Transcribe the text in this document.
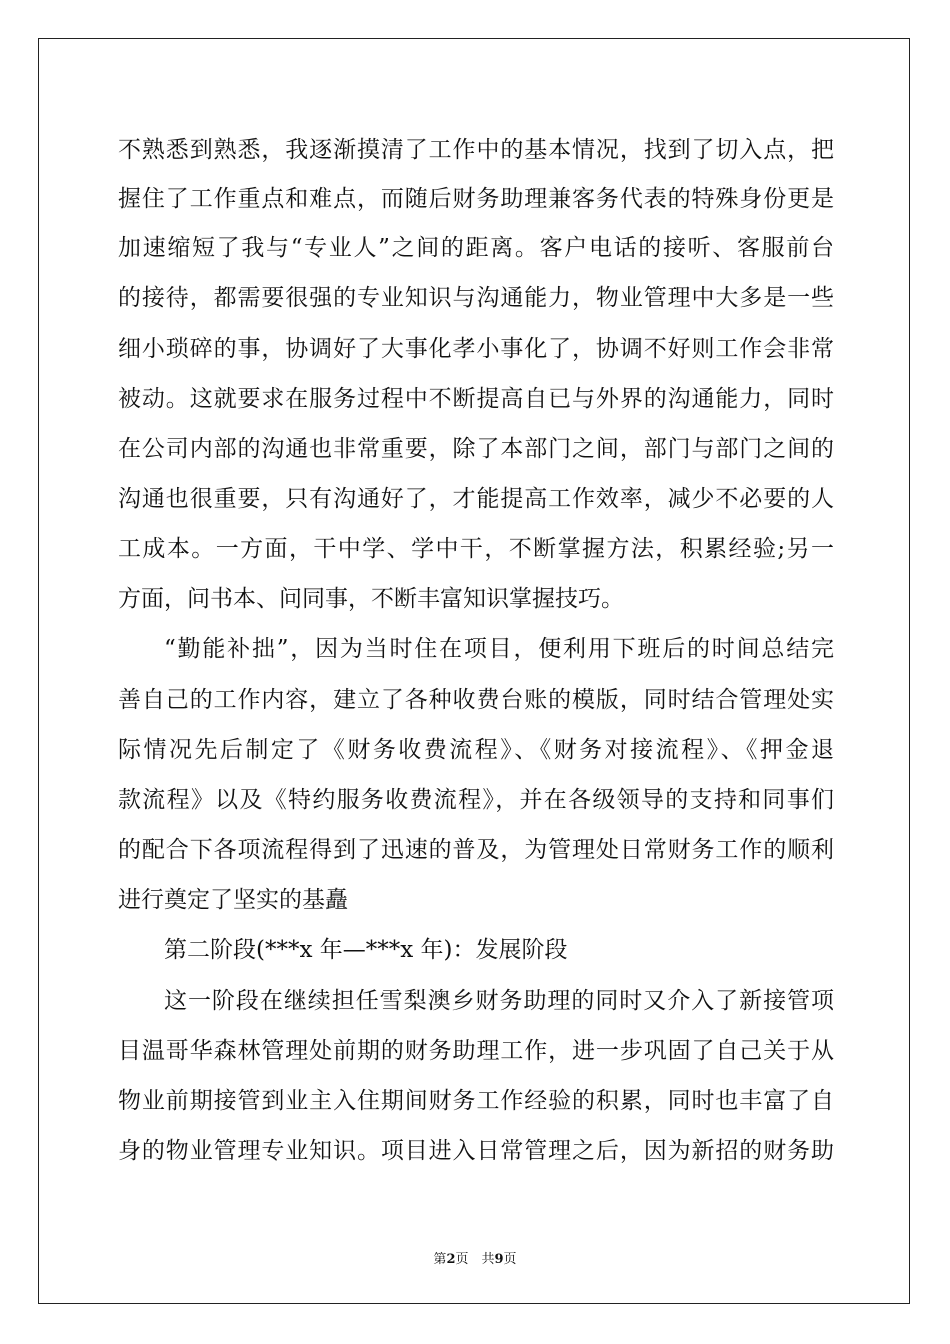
不熟悉到熟悉，我逐渐摸清了工作中的基本情况，找到了切入点，把
握住了工作重点和难点，而随后财务助理兼客务代表的特殊身份更是
加速缩短了我与“专业人”之间的距离。客户电话的接听、客服前台
的接待，都需要很强的专业知识与沟通能力，物业管理中大多是一些
细小琐碎的事，协调好了大事化孝小事化了，协调不好则工作会非常
被动。这就要求在服务过程中不断提高自已与外界的沟通能力，同时
在公司内部的沟通也非常重要，除了本部门之间，部门与部门之间的
沟通也很重要，只有沟通好了，才能提高工作效率，减少不必要的人
工成本。一方面，干中学、学中干，不断掌握方法，积累经验;另一
方面，问书本、问同事，不断丰富知识掌握技巧。
“勤能补拙”，因为当时住在项目，便利用下班后的时间总结完
善自己的工作内容，建立了各种收费台账的模版，同时结合管理处实
际情况先后制定了《财务收费流程》、《财务对接流程》、《押金退
款流程》以及《特约服务收费流程》，并在各级领导的支持和同事们
的配合下各项流程得到了迅速的普及，为管理处日常财务工作的顺利
进行奠定了坚实的基矗
第二阶段(***x 年—***x 年)：发展阶段
这一阶段在继续担任雪梨澳乡财务助理的同时又介入了新接管项
目温哥华森林管理处前期的财务助理工作，进一步巩固了自己关于从
物业前期接管到业主入住期间财务工作经验的积累，同时也丰富了自
身的物业管理专业知识。项目进入日常管理之后，因为新招的财务助
第2页　共9页
